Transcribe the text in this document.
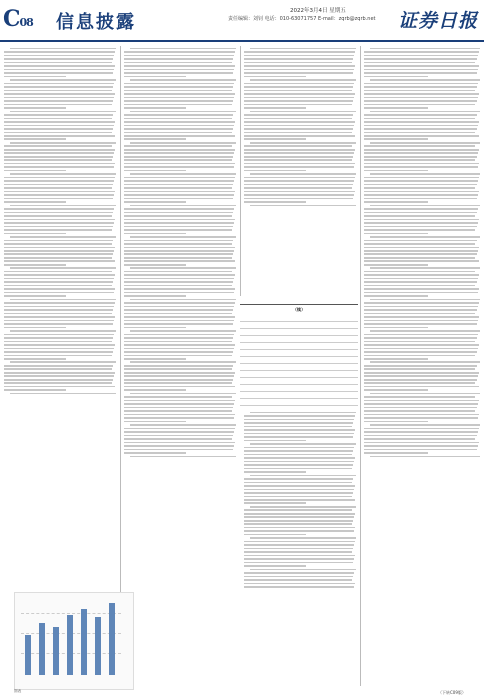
C08 信息披露
2022年3月4日 星期五
责任编辑：刘钊 电话：010-63071757 E-mail：zqrb@zqrb.net 证券日报
（续）
图表	（下转C09版）
